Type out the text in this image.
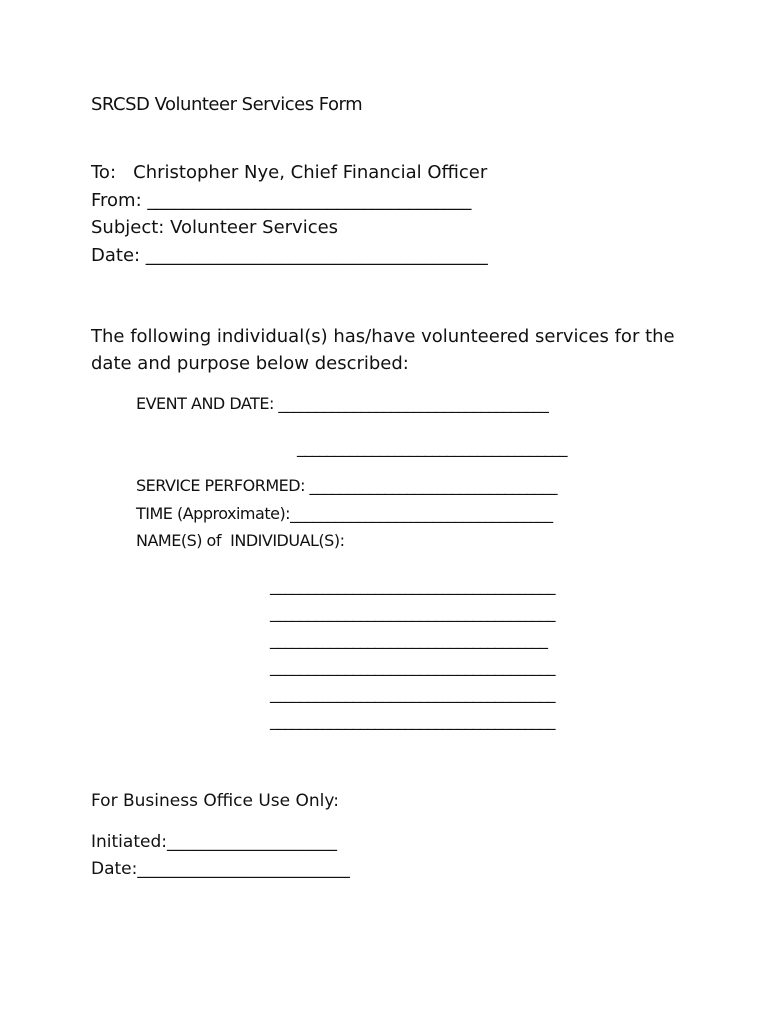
SRCSD Volunteer Services Form

To:   Christopher Nye, Chief Financial Officer

From: ____________________________________

Subject: Volunteer Services

Date: ______________________________________

The following individual(s) has/have volunteered services for the

date and purpose below described:

EVENT AND DATE: ____________________________________

____________________________________

SERVICE PERFORMED: _________________________________

TIME (Approximate):___________________________________

NAME(S) of  INDIVIDUAL(S):

______________________________________

______________________________________

_____________________________________

______________________________________

______________________________________

______________________________________

For Business Office Use Only:

Initiated:____________________

Date:_________________________
